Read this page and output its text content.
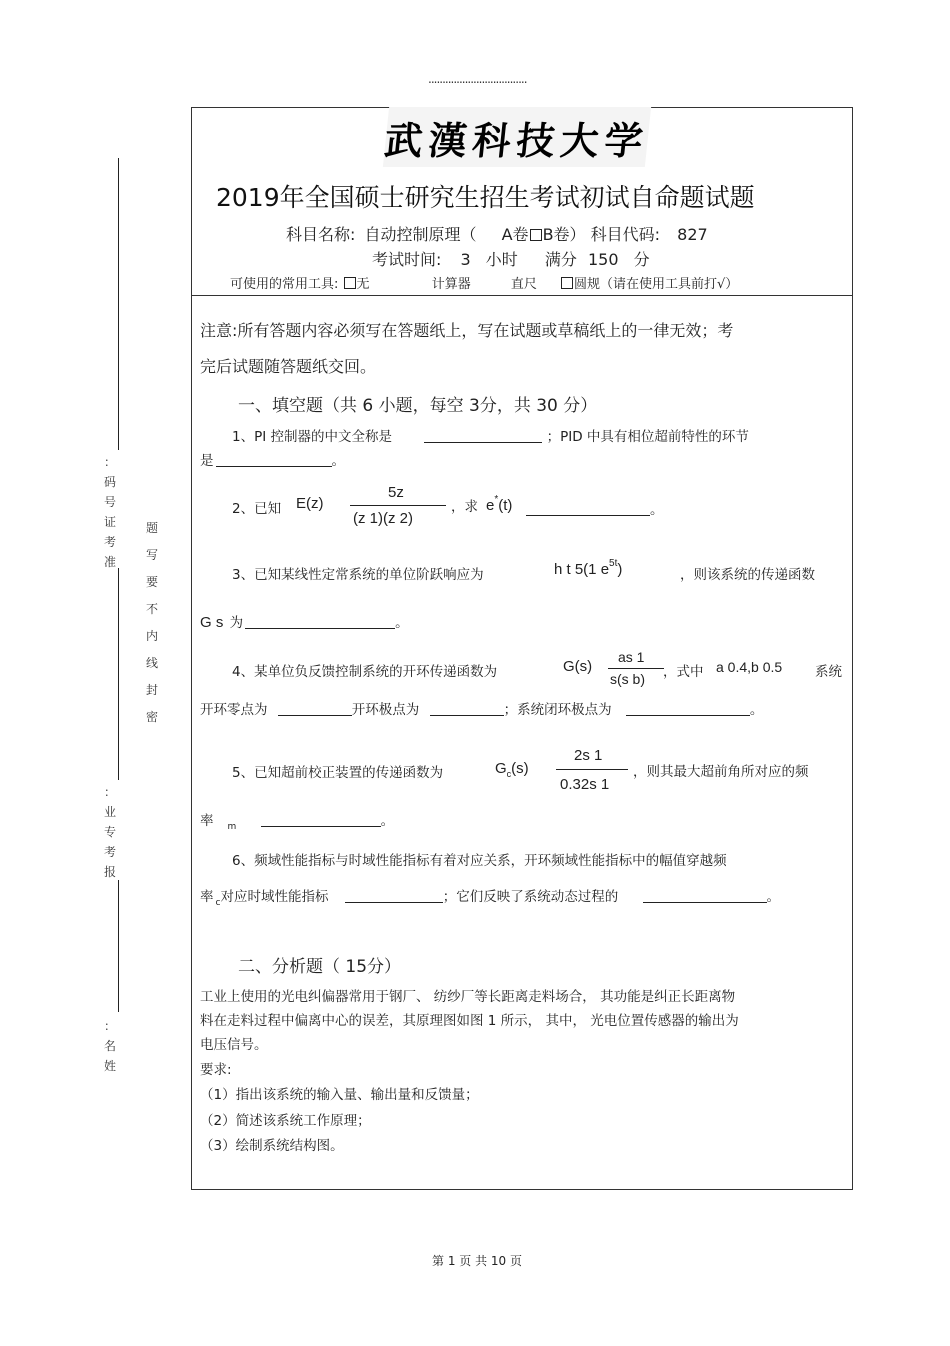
...................................
武漢科技大学
2019年全国硕士研究生招生考试初试自命题试题
科目名称: 自动控制原理（ A卷 B卷） 科目代码: 827
考试时间: 3 小时 满分 150 分
可使用的常用工具: 无	计算器	直尺	圆规（请在使用工具前打√）
注意:所有答题内容必须写在答题纸上，写在试题或草稿纸上的一律无效；考
完后试题随答题纸交回。
一、填空题（共 6 小题，每空 3分，共 30 分）
1、PI 控制器的中文全称是	；PID 中具有相位超前特性的环节
是	。
2、已知 E(z)
5z
(z 1)(z 2)
，求 e*(t)	。
3、已知某线性定常系统的单位阶跃响应为	h t 5(1 $e^{5t}$)	，则该系统的传递函数
G s 为	。
4、某单位负反馈控制系统的开环传递函数为	G(s)
as 1
s(s b) ，式中 a 0.4,b 0.5 系统
开环零点为	开环极点为	；系统闭环极点为	。
5、已知超前校正装置的传递函数为	$G_c(s)$
2s 1
0.32s 1
，则其最大超前角所对应的频
率 $_m$	。
6、频域性能指标与时域性能指标有着对应关系，开环频域性能指标中的幅值穿越频
率 $_c$对应时域性能指标	；它们反映了系统动态过程的	。
二、分析题（ 15分）
工业上使用的光电纠偏器常用于钢厂、 纺纱厂等长距离走料场合， 其功能是纠正长距离物
料在走料过程中偏离中心的误差，其原理图如图 1 所示， 其中， 光电位置传感器的输出为
电压信号。
要求:
（1）指出该系统的输入量、输出量和反馈量；
（2）简述该系统工作原理；
（3）绘制系统结构图。
：码号证考准
：业专考报
：名姓
题写要不内线封密
第 1 页 共 10 页
